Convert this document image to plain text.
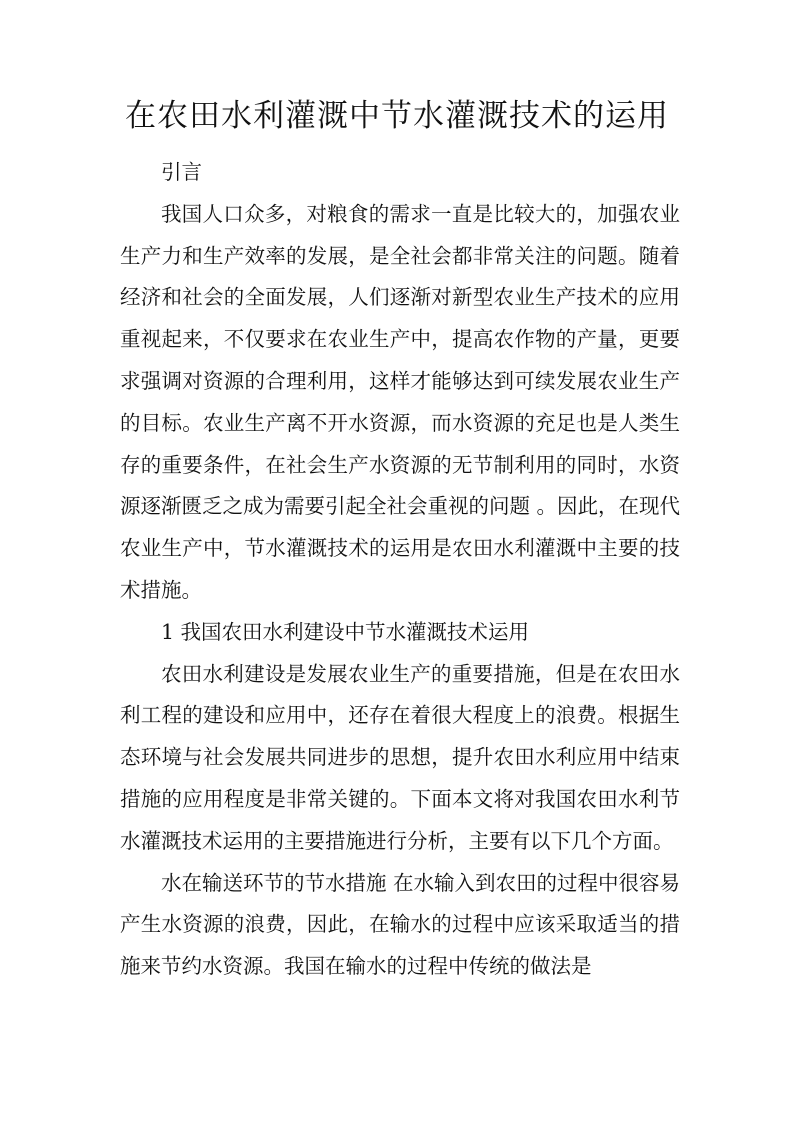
在农田水利灌溉中节水灌溉技术的运用

引言

我国人口众多，对粮食的需求一直是比较大的，加强农业生产力和生产效率的发展，是全社会都非常关注的问题。随着经济和社会的全面发展，人们逐渐对新型农业生产技术的应用重视起来，不仅要求在农业生产中，提高农作物的产量，更要求强调对资源的合理利用，这样才能够达到可续发展农业生产的目标。农业生产离不开水资源，而水资源的充足也是人类生存的重要条件，在社会生产水资源的无节制利用的同时，水资源逐渐匮乏之成为需要引起全社会重视的问题 。因此，在现代农业生产中，节水灌溉技术的运用是农田水利灌溉中主要的技术措施。

1 我国农田水利建设中节水灌溉技术运用

农田水利建设是发展农业生产的重要措施，但是在农田水利工程的建设和应用中，还存在着很大程度上的浪费。根据生态环境与社会发展共同进步的思想，提升农田水利应用中结束措施的应用程度是非常关键的。下面本文将对我国农田水利节水灌溉技术运用的主要措施进行分析，主要有以下几个方面。

水在输送环节的节水措施 在水输入到农田的过程中很容易产生水资源的浪费，因此，在输水的过程中应该采取适当的措施来节约水资源。我国在输水的过程中传统的做法是
